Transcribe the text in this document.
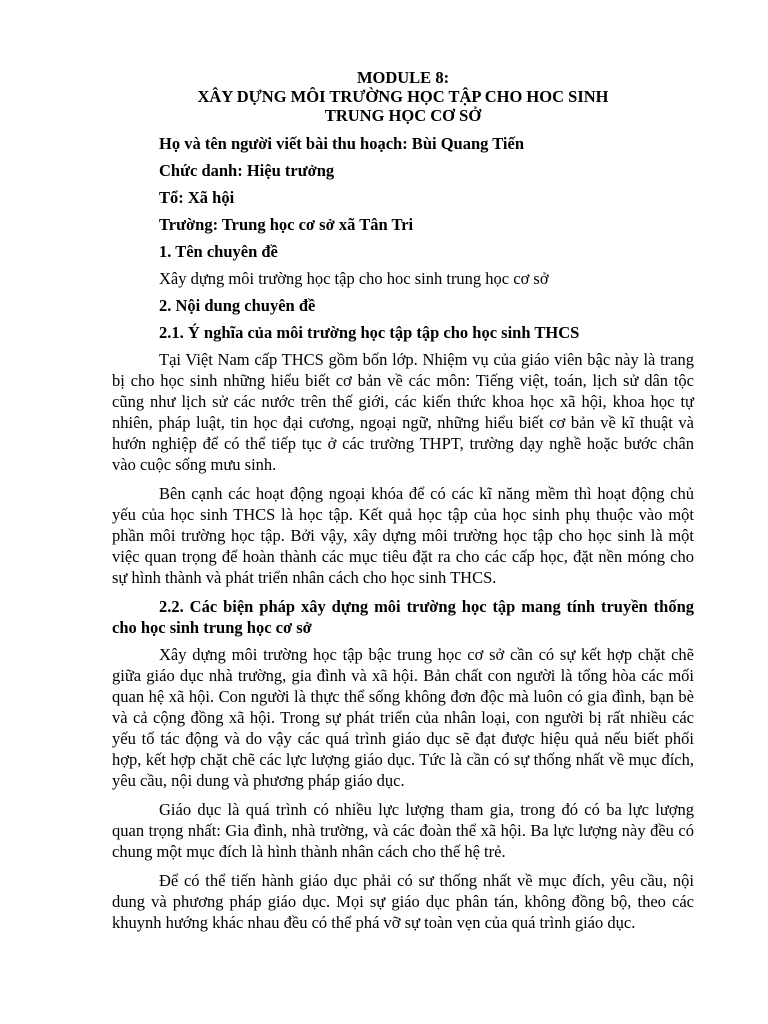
MODULE 8:
XÂY DỰNG MÔI TRƯỜNG HỌC TẬP CHO HOC SINH
TRUNG HỌC CƠ SỞ

Họ và tên người viết bài thu hoạch: Bùi Quang Tiến

Chức danh: Hiệu trưởng

Tổ: Xã hội

Trường: Trung học cơ sở xã Tân Tri

1. Tên chuyên đề

Xây dựng môi trường học tập cho hoc sinh trung học cơ sở

2. Nội dung chuyên đề

2.1. Ý nghĩa của môi trường học tập tập cho học sinh THCS

Tại Việt Nam cấp THCS gồm bốn lớp. Nhiệm vụ của giáo viên bậc này là trang bị cho học sinh những hiểu biết cơ bản về các môn: Tiếng việt, toán, lịch sử dân tộc cũng như lịch sử các nước trên thế giới, các kiến thức khoa học xã hội, khoa học tự nhiên, pháp luật, tin học đại cương, ngoại ngữ, những hiểu biết cơ bản về kĩ thuật và hướn nghiệp để có thể tiếp tục ở các trường THPT, trường dạy nghề hoặc bước chân vào cuộc sống mưu sinh.

Bên cạnh các hoạt động ngoại khóa để có các kĩ năng mềm thì hoạt động chủ yếu của học sinh THCS là học tập. Kết quả học tập của học sinh phụ thuộc vào một phần môi trường học tập. Bởi vậy, xây dựng môi trường học tập cho học sinh là một việc quan trọng để hoàn thành các mục tiêu đặt ra cho các cấp học, đặt nền móng cho sự hình thành và phát triển nhân cách cho học sinh THCS.

2.2. Các biện pháp xây dựng môi trường học tập mang tính truyền thống cho học sinh trung học cơ sở

Xây dựng môi trường học tập bậc trung học cơ sở cần có sự kết hợp chặt chẽ giữa giáo dục nhà trường, gia đình và xã hội. Bản chất con người là tổng hòa các mối quan hệ xã hội. Con người là thực thể sống không đơn độc mà luôn có gia đình, bạn bè và cả cộng đồng xã hội. Trong sự phát triển của nhân loại, con người bị rất nhiều các yếu tố tác động và do vậy các quá trình giáo dục sẽ đạt được hiệu quả nếu biết phối hợp, kết hợp chặt chẽ các lực lượng giáo dục. Tức là cần có sự thống nhất về mục đích, yêu cầu, nội dung và phương pháp giáo dục.

Giáo dục là quá trình có nhiều lực lượng tham gia, trong đó có ba lực lượng quan trọng nhất: Gia đình, nhà trường, và các đoàn thể xã hội. Ba lực lượng này đều có chung một mục đích là hình thành nhân cách cho thế hệ trẻ.

Để có thể tiến hành giáo dục phải có sư thống nhất về mục đích, yêu cầu, nội dung và phương pháp giáo dục. Mọi sự giáo dục phân tán, không đồng bộ, theo các khuynh hướng khác nhau đều có thể phá vỡ sự toàn vẹn của quá trình giáo dục.
